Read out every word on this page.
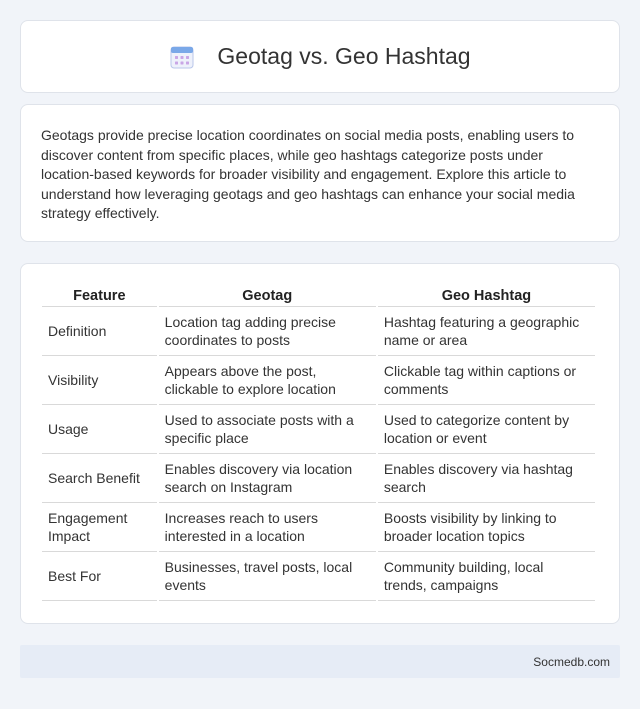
Geotag vs. Geo Hashtag

Geotags provide precise location coordinates on social media posts, enabling users to discover content from specific places, while geo hashtags categorize posts under location-based keywords for broader visibility and engagement. Explore this article to understand how leveraging geotags and geo hashtags can enhance your social media strategy effectively.

Feature	Geotag	Geo Hashtag
Definition	Location tag adding precise coordinates to posts	Hashtag featuring a geographic name or area
Visibility	Appears above the post, clickable to explore location	Clickable tag within captions or comments
Usage	Used to associate posts with a specific place	Used to categorize content by location or event
Search Benefit	Enables discovery via location search on Instagram	Enables discovery via hashtag search
Engagement Impact	Increases reach to users interested in a location	Boosts visibility by linking to broader location topics
Best For	Businesses, travel posts, local events	Community building, local trends, campaigns
Socmedb.com
